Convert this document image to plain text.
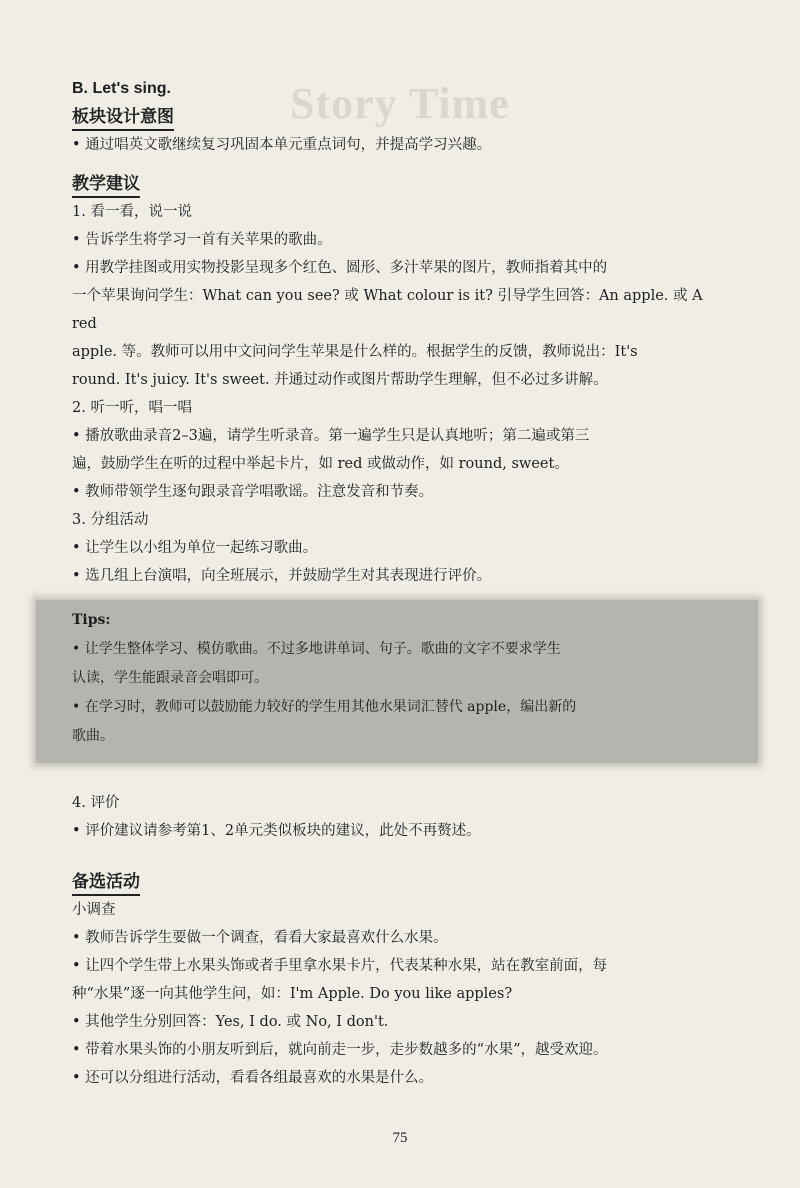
Story Time

B. Let's sing.

板块设计意图

• 通过唱英文歌继续复习巩固本单元重点词句，并提高学习兴趣。

教学建议

1. 看一看，说一说

• 告诉学生将学习一首有关苹果的歌曲。

• 用教学挂图或用实物投影呈现多个红色、圆形、多汁苹果的图片，教师指着其中的

一个苹果询问学生：What can you see? 或 What colour is it? 引导学生回答：An apple. 或 A red

apple. 等。教师可以用中文问问学生苹果是什么样的。根据学生的反馈，教师说出：It's

round. It's juicy. It's sweet. 并通过动作或图片帮助学生理解，但不必过多讲解。

2. 听一听，唱一唱

• 播放歌曲录音2–3遍，请学生听录音。第一遍学生只是认真地听；第二遍或第三

遍，鼓励学生在听的过程中举起卡片，如 red 或做动作，如 round, sweet。

• 教师带领学生逐句跟录音学唱歌谣。注意发音和节奏。

3. 分组活动

• 让学生以小组为单位一起练习歌曲。

• 选几组上台演唱，向全班展示，并鼓励学生对其表现进行评价。

Tips:

• 让学生整体学习、模仿歌曲。不过多地讲单词、句子。歌曲的文字不要求学生

认读，学生能跟录音会唱即可。

• 在学习时，教师可以鼓励能力较好的学生用其他水果词汇替代 apple，编出新的

歌曲。

4. 评价

• 评价建议请参考第1、2单元类似板块的建议，此处不再赘述。

备选活动

小调查

• 教师告诉学生要做一个调查，看看大家最喜欢什么水果。

• 让四个学生带上水果头饰或者手里拿水果卡片，代表某种水果，站在教室前面，每

种“水果”逐一向其他学生问，如：I'm Apple. Do you like apples?

• 其他学生分别回答：Yes, I do. 或 No, I don't.

• 带着水果头饰的小朋友听到后，就向前走一步，走步数越多的“水果”，越受欢迎。

• 还可以分组进行活动，看看各组最喜欢的水果是什么。

75
